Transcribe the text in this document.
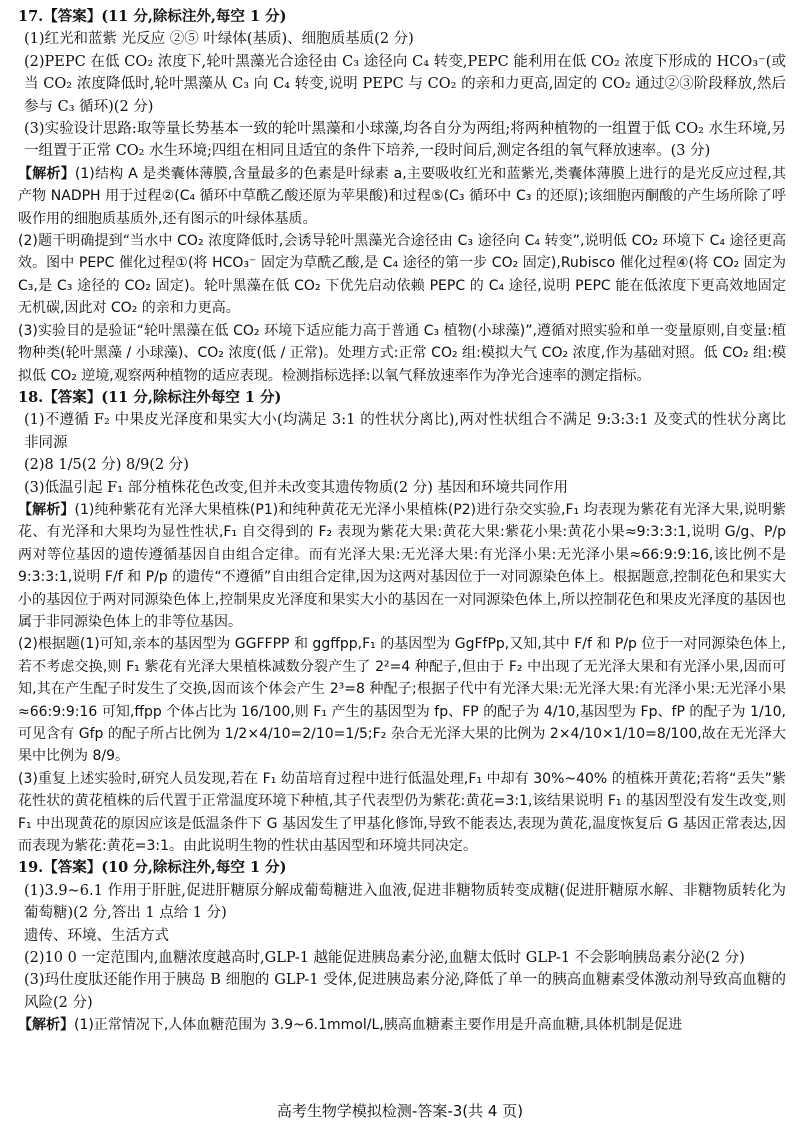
17.【答案】(11 分,除标注外,每空 1 分)

(1)红光和蓝紫 光反应 ②⑤ 叶绿体(基质)、细胞质基质(2 分)

(2)PEPC 在低 CO₂ 浓度下,轮叶黑藻光合途径由 C₃ 途径向 C₄ 转变,PEPC 能利用在低 CO₂ 浓度下形成的 HCO₃⁻(或当 CO₂ 浓度降低时,轮叶黑藻从 C₃ 向 C₄ 转变,说明 PEPC 与 CO₂ 的亲和力更高,固定的 CO₂ 通过②③阶段释放,然后参与 C₃ 循环)(2 分)

(3)实验设计思路:取等量长势基本一致的轮叶黑藻和小球藻,均各自分为两组;将两种植物的一组置于低 CO₂ 水生环境,另一组置于正常 CO₂ 水生环境;四组在相同且适宜的条件下培养,一段时间后,测定各组的氧气释放速率。(3 分)

【解析】(1)结构 A 是类囊体薄膜,含量最多的色素是叶绿素 a,主要吸收红光和蓝紫光,类囊体薄膜上进行的是光反应过程,其产物 NADPH 用于过程②(C₄ 循环中草酰乙酸还原为苹果酸)和过程⑤(C₃ 循环中 C₃ 的还原);该细胞丙酮酸的产生场所除了呼吸作用的细胞质基质外,还有图示的叶绿体基质。

(2)题干明确提到“当水中 CO₂ 浓度降低时,会诱导轮叶黑藻光合途径由 C₃ 途径向 C₄ 转变”,说明低 CO₂ 环境下 C₄ 途径更高效。图中 PEPC 催化过程①(将 HCO₃⁻ 固定为草酰乙酸,是 C₄ 途径的第一步 CO₂ 固定),Rubisco 催化过程④(将 CO₂ 固定为 C₃,是 C₃ 途径的 CO₂ 固定)。轮叶黑藻在低 CO₂ 下优先启动依赖 PEPC 的 C₄ 途径,说明 PEPC 能在低浓度下更高效地固定无机碳,因此对 CO₂ 的亲和力更高。

(3)实验目的是验证“轮叶黑藻在低 CO₂ 环境下适应能力高于普通 C₃ 植物(小球藻)”,遵循对照实验和单一变量原则,自变量:植物种类(轮叶黑藻 / 小球藻)、CO₂ 浓度(低 / 正常)。处理方式:正常 CO₂ 组:模拟大气 CO₂ 浓度,作为基础对照。低 CO₂ 组:模拟低 CO₂ 逆境,观察两种植物的适应表现。检测指标选择:以氧气释放速率作为净光合速率的测定指标。

18.【答案】(11 分,除标注外每空 1 分)

(1)不遵循 F₂ 中果皮光泽度和果实大小(均满足 3:1 的性状分离比),两对性状组合不满足 9:3:3:1 及变式的性状分离比 非同源

(2)8 1/5(2 分) 8/9(2 分)

(3)低温引起 F₁ 部分植株花色改变,但并未改变其遗传物质(2 分) 基因和环境共同作用

【解析】(1)纯种紫花有光泽大果植株(P1)和纯种黄花无光泽小果植株(P2)进行杂交实验,F₁ 均表现为紫花有光泽大果,说明紫花、有光泽和大果均为显性性状,F₁ 自交得到的 F₂ 表现为紫花大果:黄花大果:紫花小果:黄花小果≈9:3:3:1,说明 G/g、P/p 两对等位基因的遗传遵循基因自由组合定律。而有光泽大果:无光泽大果:有光泽小果:无光泽小果≈66:9:9:16,该比例不是 9:3:3:1,说明 F/f 和 P/p 的遗传“不遵循”自由组合定律,因为这两对基因位于一对同源染色体上。根据题意,控制花色和果实大小的基因位于两对同源染色体上,控制果皮光泽度和果实大小的基因在一对同源染色体上,所以控制花色和果皮光泽度的基因也属于非同源染色体上的非等位基因。

(2)根据题(1)可知,亲本的基因型为 GGFFPP 和 ggffpp,F₁ 的基因型为 GgFfPp,又知,其中 F/f 和 P/p 位于一对同源染色体上,若不考虑交换,则 F₁ 紫花有光泽大果植株减数分裂产生了 2²=4 种配子,但由于 F₂ 中出现了无光泽大果和有光泽小果,因而可知,其在产生配子时发生了交换,因而该个体会产生 2³=8 种配子;根据子代中有光泽大果:无光泽大果:有光泽小果:无光泽小果≈66:9:9:16 可知,ffpp 个体占比为 16/100,则 F₁ 产生的基因型为 fp、FP 的配子为 4/10,基因型为 Fp、fP 的配子为 1/10,可见含有 Gfp 的配子所占比例为 1/2×4/10=2/10=1/5;F₂ 杂合无光泽大果的比例为 2×4/10×1/10=8/100,故在无光泽大果中比例为 8/9。

(3)重复上述实验时,研究人员发现,若在 F₁ 幼苗培育过程中进行低温处理,F₁ 中却有 30%~40% 的植株开黄花;若将“丢失”紫花性状的黄花植株的后代置于正常温度环境下种植,其子代表型仍为紫花:黄花=3:1,该结果说明 F₁ 的基因型没有发生改变,则 F₁ 中出现黄花的原因应该是低温条件下 G 基因发生了甲基化修饰,导致不能表达,表现为黄花,温度恢复后 G 基因正常表达,因而表现为紫花:黄花=3:1。由此说明生物的性状由基因型和环境共同决定。

19.【答案】(10 分,除标注外,每空 1 分)

(1)3.9~6.1 作用于肝脏,促进肝糖原分解成葡萄糖进入血液,促进非糖物质转变成糖(促进肝糖原水解、非糖物质转化为葡萄糖)(2 分,答出 1 点给 1 分)

遗传、环境、生活方式

(2)10 0 一定范围内,血糖浓度越高时,GLP-1 越能促进胰岛素分泌,血糖太低时 GLP-1 不会影响胰岛素分泌(2 分)

(3)玛仕度肽还能作用于胰岛 B 细胞的 GLP-1 受体,促进胰岛素分泌,降低了单一的胰高血糖素受体激动剂导致高血糖的风险(2 分)

【解析】(1)正常情况下,人体血糖范围为 3.9~6.1mmol/L,胰高血糖素主要作用是升高血糖,具体机制是促进

高考生物学模拟检测-答案-3(共 4 页)
